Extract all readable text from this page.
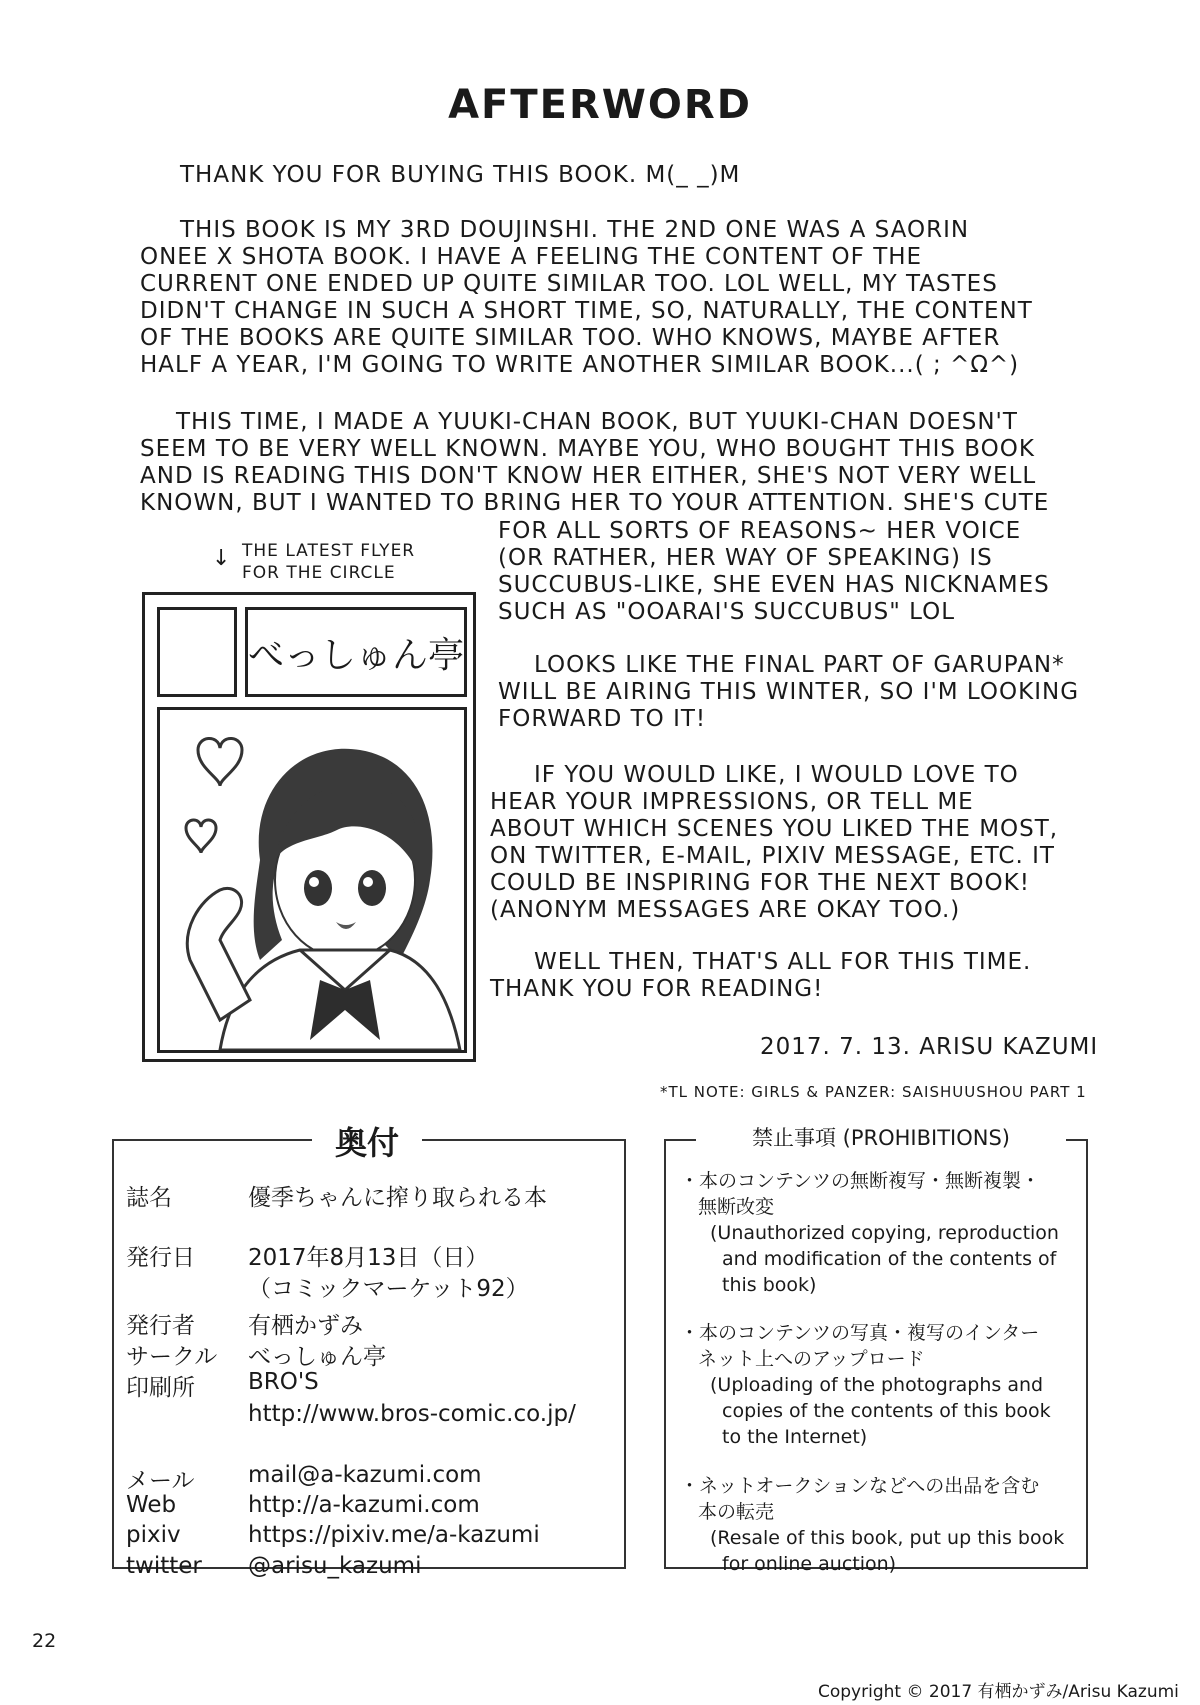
AFTERWORD

THANK YOU FOR BUYING THIS BOOK. M(_ _)M

THIS BOOK IS MY 3RD DOUJINSHI. THE 2ND ONE WAS A SAORIN

ONEE X SHOTA BOOK. I HAVE A FEELING THE CONTENT OF THE

CURRENT ONE ENDED UP QUITE SIMILAR TOO. LOL WELL, MY TASTES

DIDN'T CHANGE IN SUCH A SHORT TIME, SO, NATURALLY, THE CONTENT

OF THE BOOKS ARE QUITE SIMILAR TOO. WHO KNOWS, MAYBE AFTER

HALF A YEAR, I'M GOING TO WRITE ANOTHER SIMILAR BOOK...( ; ^Ω^)

THIS TIME, I MADE A YUUKI-CHAN BOOK, BUT YUUKI-CHAN DOESN'T

SEEM TO BE VERY WELL KNOWN. MAYBE YOU, WHO BOUGHT THIS BOOK

AND IS READING THIS DON'T KNOW HER EITHER, SHE'S NOT VERY WELL

KNOWN, BUT I WANTED TO BRING HER TO YOUR ATTENTION. SHE'S CUTE

FOR ALL SORTS OF REASONS~ HER VOICE

(OR RATHER, HER WAY OF SPEAKING) IS

SUCCUBUS-LIKE, SHE EVEN HAS NICKNAMES

SUCH AS "OOARAI'S SUCCUBUS" LOL

LOOKS LIKE THE FINAL PART OF GARUPAN*

WILL BE AIRING THIS WINTER, SO I'M LOOKING

FORWARD TO IT!

IF YOU WOULD LIKE, I WOULD LOVE TO

HEAR YOUR IMPRESSIONS, OR TELL ME

ABOUT WHICH SCENES YOU LIKED THE MOST,

ON TWITTER, E-MAIL, PIXIV MESSAGE, ETC. IT

COULD BE INSPIRING FOR THE NEXT BOOK!

(ANONYM MESSAGES ARE OKAY TOO.)

WELL THEN, THAT'S ALL FOR THIS TIME.

THANK YOU FOR READING!

2017. 7. 13. ARISU KAZUMI
*TL NOTE: GIRLS & PANZER: SAISHUUSHOU PART 1
↓ THE LATEST FLYER
FOR THE CIRCLE
べっしゅん亭
奥付
誌名	優季ちゃんに搾り取られる本
発行日 2017年8月13日（日）
（コミックマーケット92）
発行者 有栖かずみ
サークル べっしゅん亭
印刷所 BRO'S
http://www.bros-comic.co.jp/
メール mail@a-kazumi.com
Web	http://a-kazumi.com
pixiv	https://pixiv.me/a-kazumi
twitter @arisu_kazumi
禁止事項 (PROHIBITIONS)
・本のコンテンツの無断複写・無断複製・
無断改変
(Unauthorized copying, reproduction
and modification of the contents of
this book)
・本のコンテンツの写真・複写のインター
ネット上へのアップロード
(Uploading of the photographs and
copies of the contents of this book
to the Internet)
・ネットオークションなどへの出品を含む
本の転売
(Resale of this book, put up this book
for online auction)
22
Copyright © 2017 有栖かずみ/Arisu Kazumi
